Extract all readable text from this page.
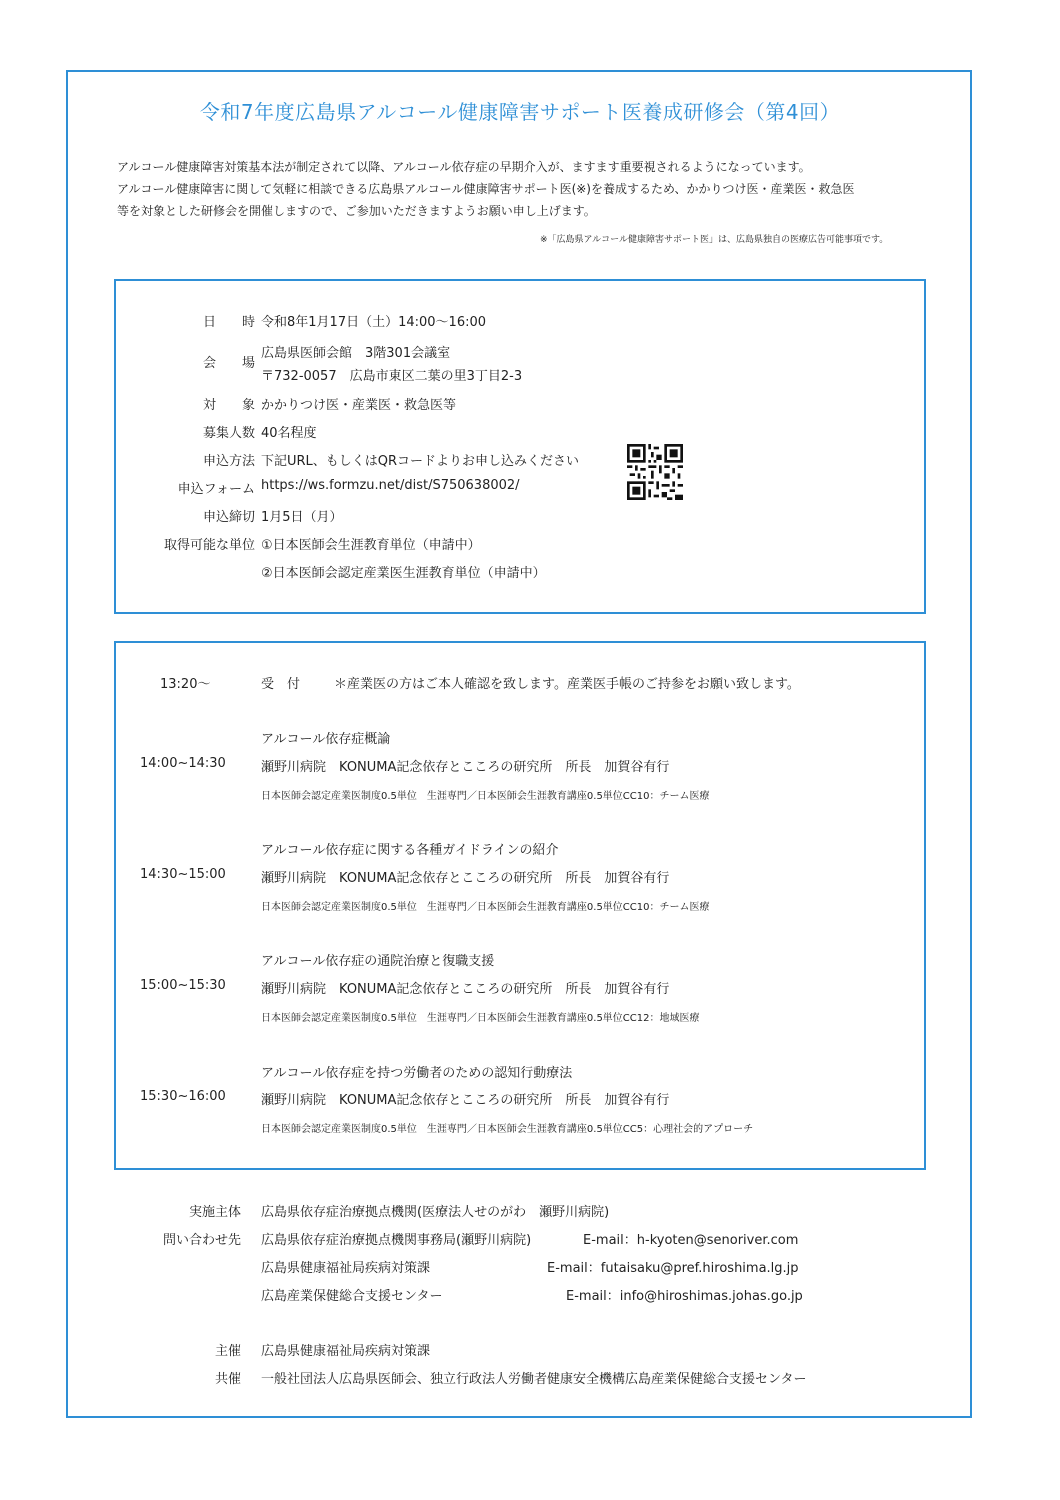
令和7年度広島県アルコール健康障害サポート医養成研修会（第4回）

アルコール健康障害対策基本法が制定されて以降、アルコール依存症の早期介入が、ますます重要視されるようになっています。

アルコール健康障害に関して気軽に相談できる広島県アルコール健康障害サポート医(※)を養成するため、かかりつけ医・産業医・救急医

等を対象とした研修会を開催しますので、ご参加いただきますようお願い申し上げます。

※「広島県アルコール健康障害サポート医」は、広島県独自の医療広告可能事項です。
日　　時 令和8年1月17日（土）14:00～16:00
会　　場
広島県医師会館　3階301会議室
〒732-0057　広島市東区二葉の里3丁目2-3
対　　象 かかりつけ医・産業医・救急医等
募集人数 40名程度
申込方法 下記URL、もしくはQRコードよりお申し込みください
申込フォーム https://ws.formzu.net/dist/S750638002/
申込締切 1月5日（月）
取得可能な単位 ①日本医師会生涯教育単位（申請中）
②日本医師会認定産業医生涯教育単位（申請中）
13:20～	受　付	＊産業医の方はご本人確認を致します。産業医手帳のご持参をお願い致します。
アルコール依存症概論
14:00~14:30	瀬野川病院　KONUMA記念依存とこころの研究所　所長　加賀谷有行
日本医師会認定産業医制度0.5単位　生涯専門／日本医師会生涯教育講座0.5単位CC10：チーム医療
アルコール依存症に関する各種ガイドラインの紹介
14:30~15:00	瀬野川病院　KONUMA記念依存とこころの研究所　所長　加賀谷有行
日本医師会認定産業医制度0.5単位　生涯専門／日本医師会生涯教育講座0.5単位CC10：チーム医療
アルコール依存症の通院治療と復職支援
15:00~15:30	瀬野川病院　KONUMA記念依存とこころの研究所　所長　加賀谷有行
日本医師会認定産業医制度0.5単位　生涯専門／日本医師会生涯教育講座0.5単位CC12：地域医療
アルコール依存症を持つ労働者のための認知行動療法
15:30~16:00	瀬野川病院　KONUMA記念依存とこころの研究所　所長　加賀谷有行
日本医師会認定産業医制度0.5単位　生涯専門／日本医師会生涯教育講座0.5単位CC5：心理社会的アプローチ
実施主体 広島県依存症治療拠点機関(医療法人せのがわ　瀬野川病院)
問い合わせ先 広島県依存症治療拠点機関事務局(瀬野川病院)	E-mail：h-kyoten@senoriver.com
広島県健康福祉局疾病対策課	E-mail：futaisaku@pref.hiroshima.lg.jp
広島産業保健総合支援センター	E-mail：info@hiroshimas.johas.go.jp
主催 広島県健康福祉局疾病対策課
共催 一般社団法人広島県医師会、独立行政法人労働者健康安全機構広島産業保健総合支援センター
